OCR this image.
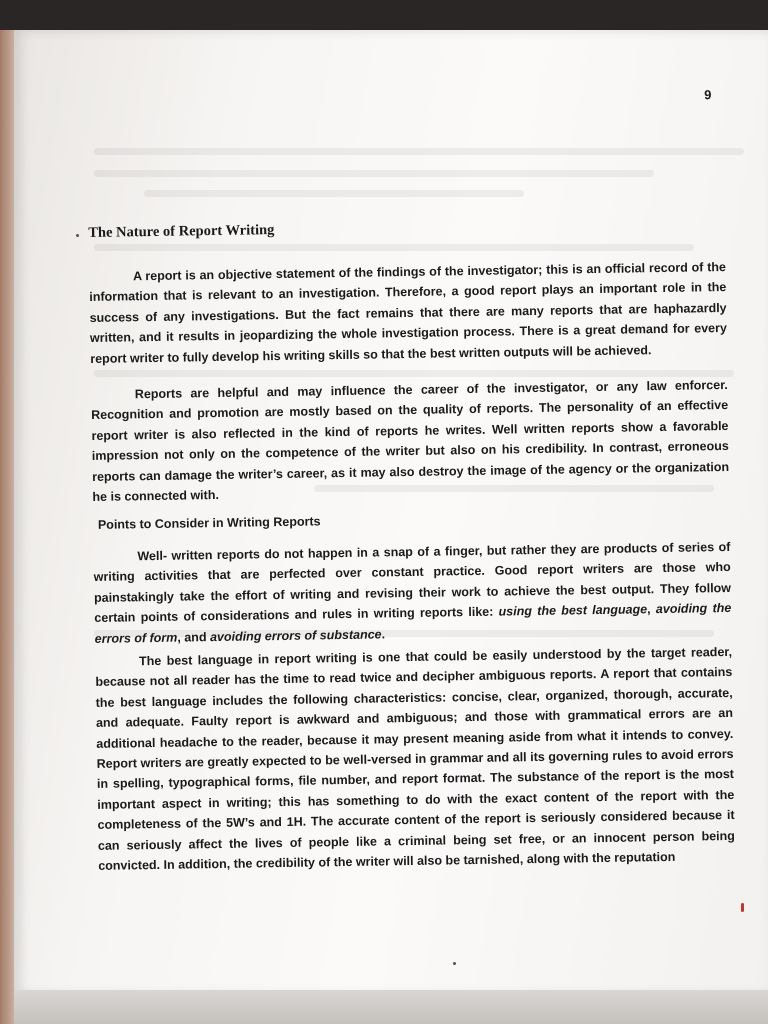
9
The Nature of Report Writing

A report is an objective statement of the findings of the investigator; this is an official record of the information that is relevant to an investigation. Therefore, a good report plays an important role in the success of any investigations. But the fact remains that there are many reports that are haphazardly written, and it results in jeopardizing the whole investigation process. There is a great demand for every report writer to fully develop his writing skills so that the best written outputs will be achieved.

Reports are helpful and may influence the career of the investigator, or any law enforcer. Recognition and promotion are mostly based on the quality of reports. The personality of an effective report writer is also reflected in the kind of reports he writes. Well written reports show a favorable impression not only on the competence of the writer but also on his credibility. In contrast, erroneous reports can damage the writer’s career, as it may also destroy the image of the agency or the organization he is connected with.

Points to Consider in Writing Reports

Well- written reports do not happen in a snap of a finger, but rather they are products of series of writing activities that are perfected over constant practice. Good report writers are those who painstakingly take the effort of writing and revising their work to achieve the best output. They follow certain points of considerations and rules in writing reports like: using the best language, avoiding the errors of form, and avoiding errors of substance.

The best language in report writing is one that could be easily understood by the target reader, because not all reader has the time to read twice and decipher ambiguous reports. A report that contains the best language includes the following characteristics: concise, clear, organized, thorough, accurate, and adequate. Faulty report is awkward and ambiguous; and those with grammatical errors are an additional headache to the reader, because it may present meaning aside from what it intends to convey. Report writers are greatly expected to be well-versed in grammar and all its governing rules to avoid errors in spelling, typographical forms, file number, and report format. The substance of the report is the most important aspect in writing; this has something to do with the exact content of the report with the completeness of the 5W’s and 1H. The accurate content of the report is seriously considered because it can seriously affect the lives of people like a criminal being set free, or an innocent person being convicted. In addition, the credibility of the writer will also be tarnished, along with the reputation
